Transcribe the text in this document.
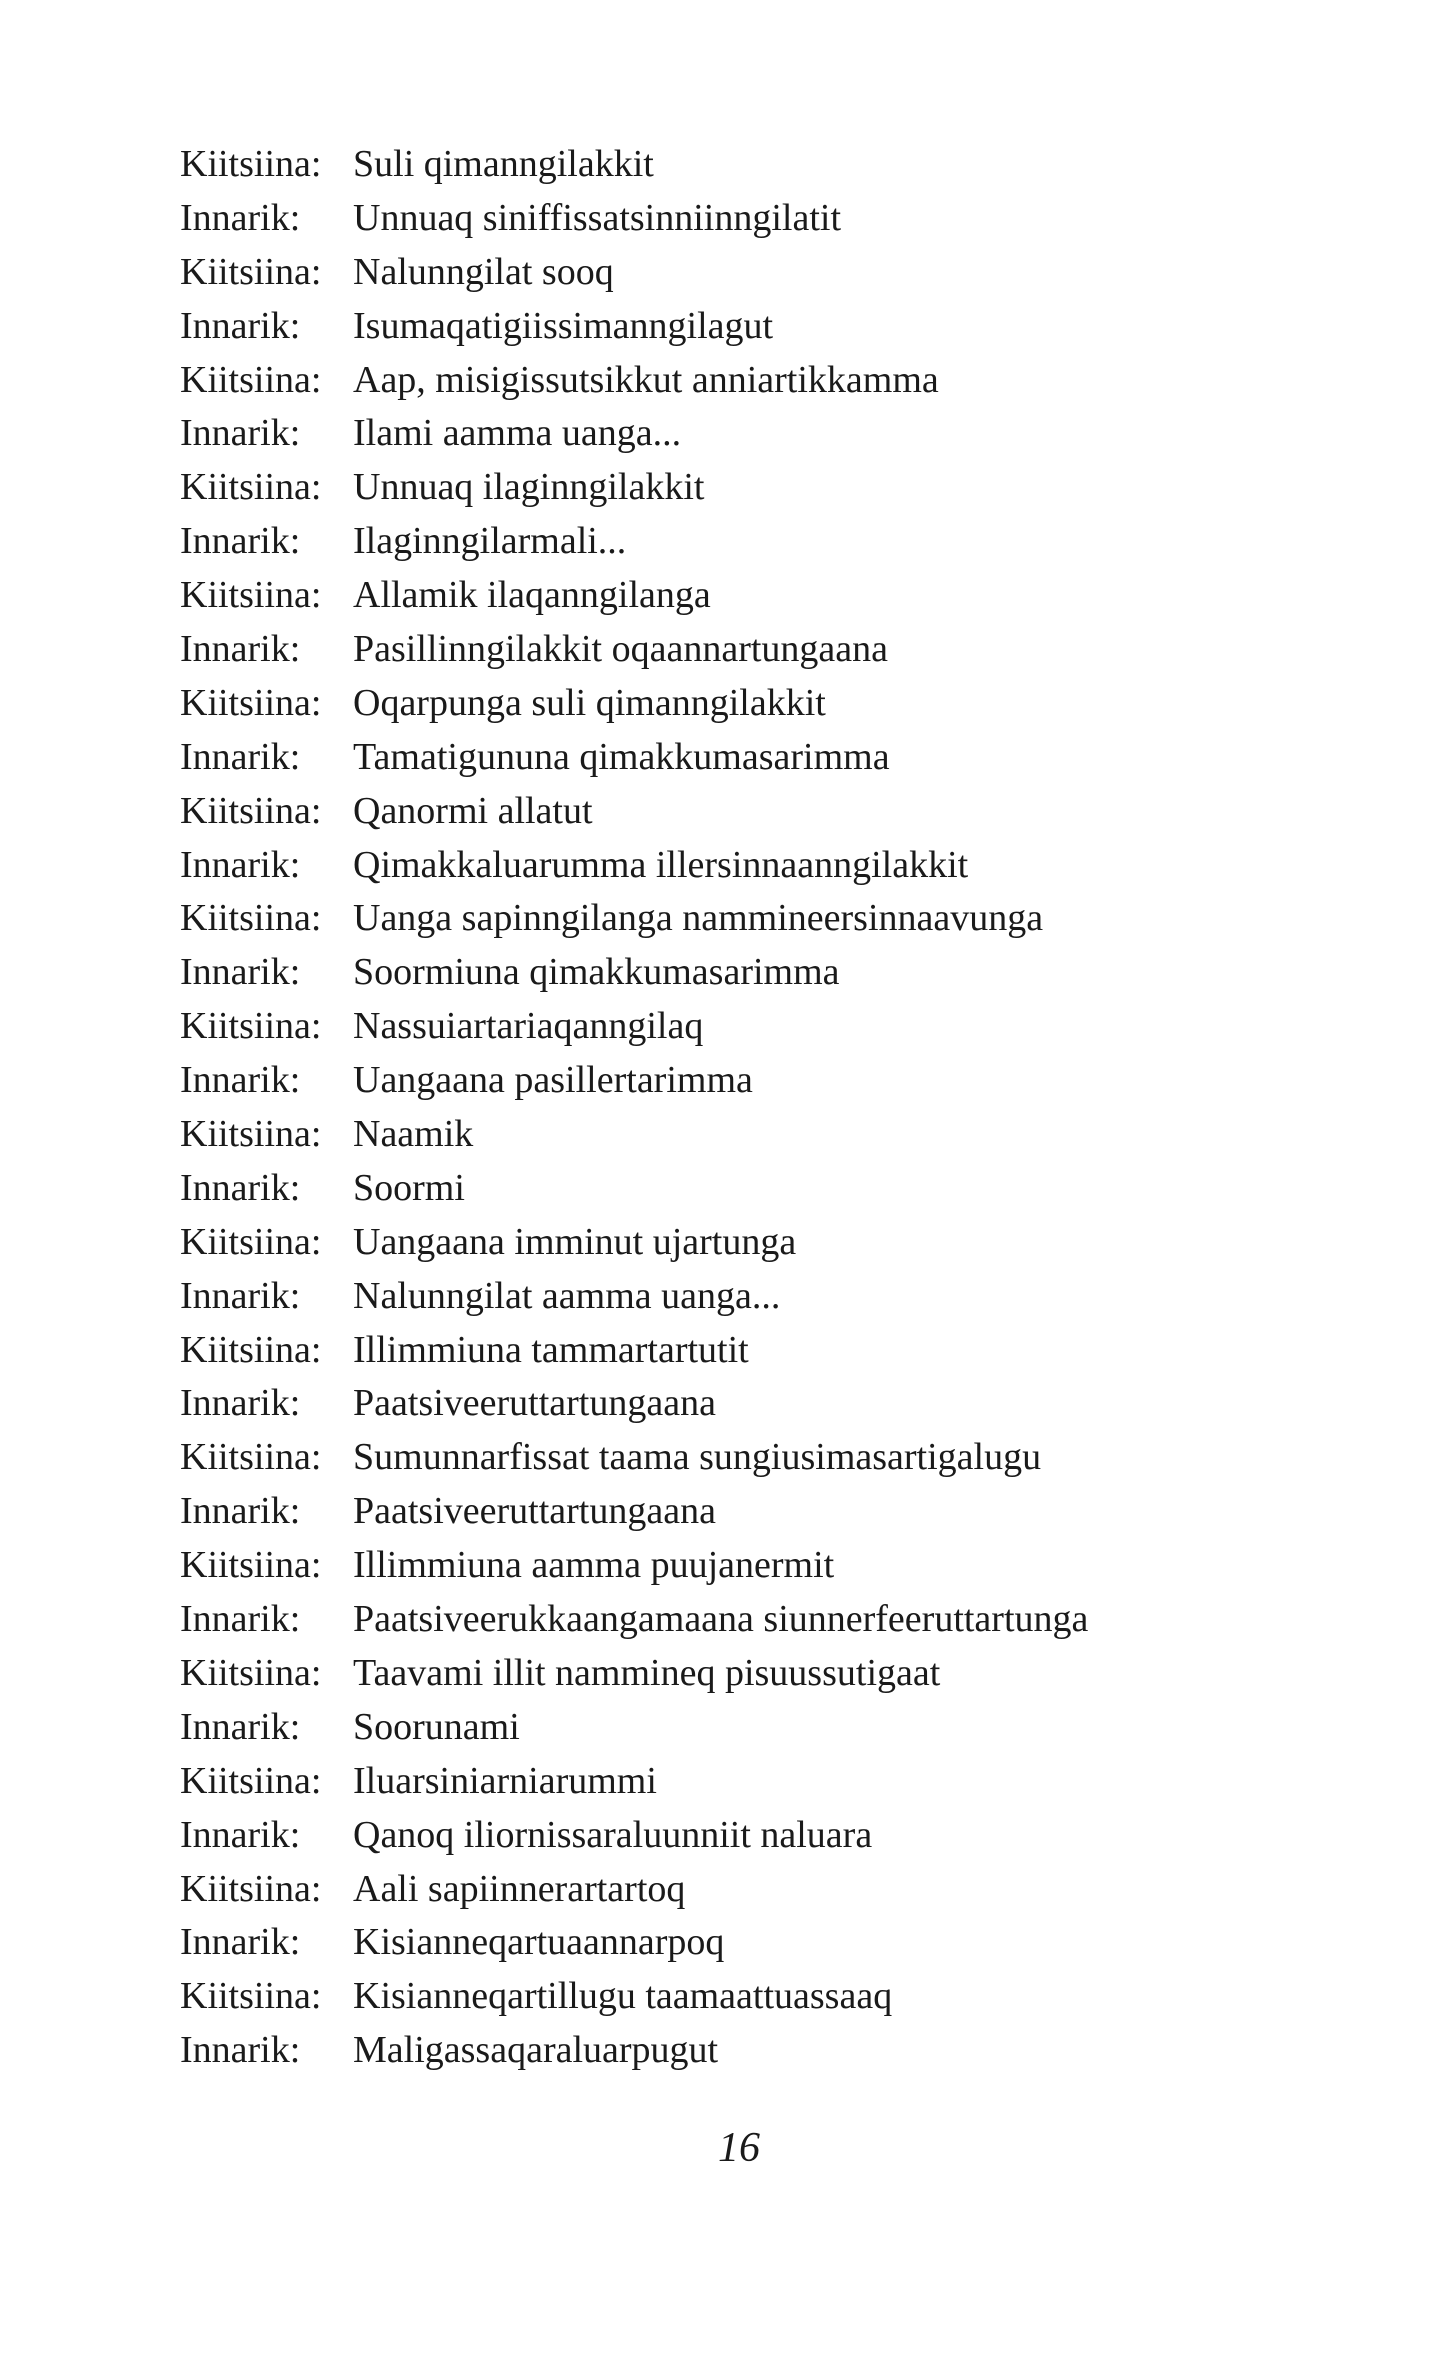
Kiitsiina: Suli qimanngilakkit
Innarik:	Unnuaq siniffissatsinniinngilatit
Kiitsiina: Nalunngilat sooq
Innarik:	Isumaqatigiissimanngilagut
Kiitsiina: Aap, misigissutsikkut anniartikkamma
Innarik:	Ilami aamma uanga...
Kiitsiina: Unnuaq ilaginngilakkit
Innarik:	Ilaginngilarmali...
Kiitsiina: Allamik ilaqanngilanga
Innarik:	Pasillinngilakkit oqaannartungaana
Kiitsiina: Oqarpunga suli qimanngilakkit
Innarik:	Tamatigununa qimakkumasarimma
Kiitsiina: Qanormi allatut
Innarik:	Qimakkaluarumma illersinnaanngilakkit
Kiitsiina: Uanga sapinngilanga nammineersinnaavunga
Innarik:	Soormiuna qimakkumasarimma
Kiitsiina: Nassuiartariaqanngilaq
Innarik:	Uangaana pasillertarimma
Kiitsiina: Naamik
Innarik:	Soormi
Kiitsiina: Uangaana imminut ujartunga
Innarik:	Nalunngilat aamma uanga...
Kiitsiina: Illimmiuna tammartartutit
Innarik:	Paatsiveeruttartungaana
Kiitsiina: Sumunnarfissat taama sungiusimasartigalugu
Innarik:	Paatsiveeruttartungaana
Kiitsiina: Illimmiuna aamma puujanermit
Innarik:	Paatsiveerukkaangamaana siunnerfeeruttartunga
Kiitsiina: Taavami illit nammineq pisuussutigaat
Innarik:	Soorunami
Kiitsiina: Iluarsiniarniarummi
Innarik:	Qanoq iliornissaraluunniit naluara
Kiitsiina: Aali sapiinnerartartoq
Innarik:	Kisianneqartuaannarpoq
Kiitsiina: Kisianneqartillugu taamaattuassaaq
Innarik:	Maligassaqaraluarpugut
16
